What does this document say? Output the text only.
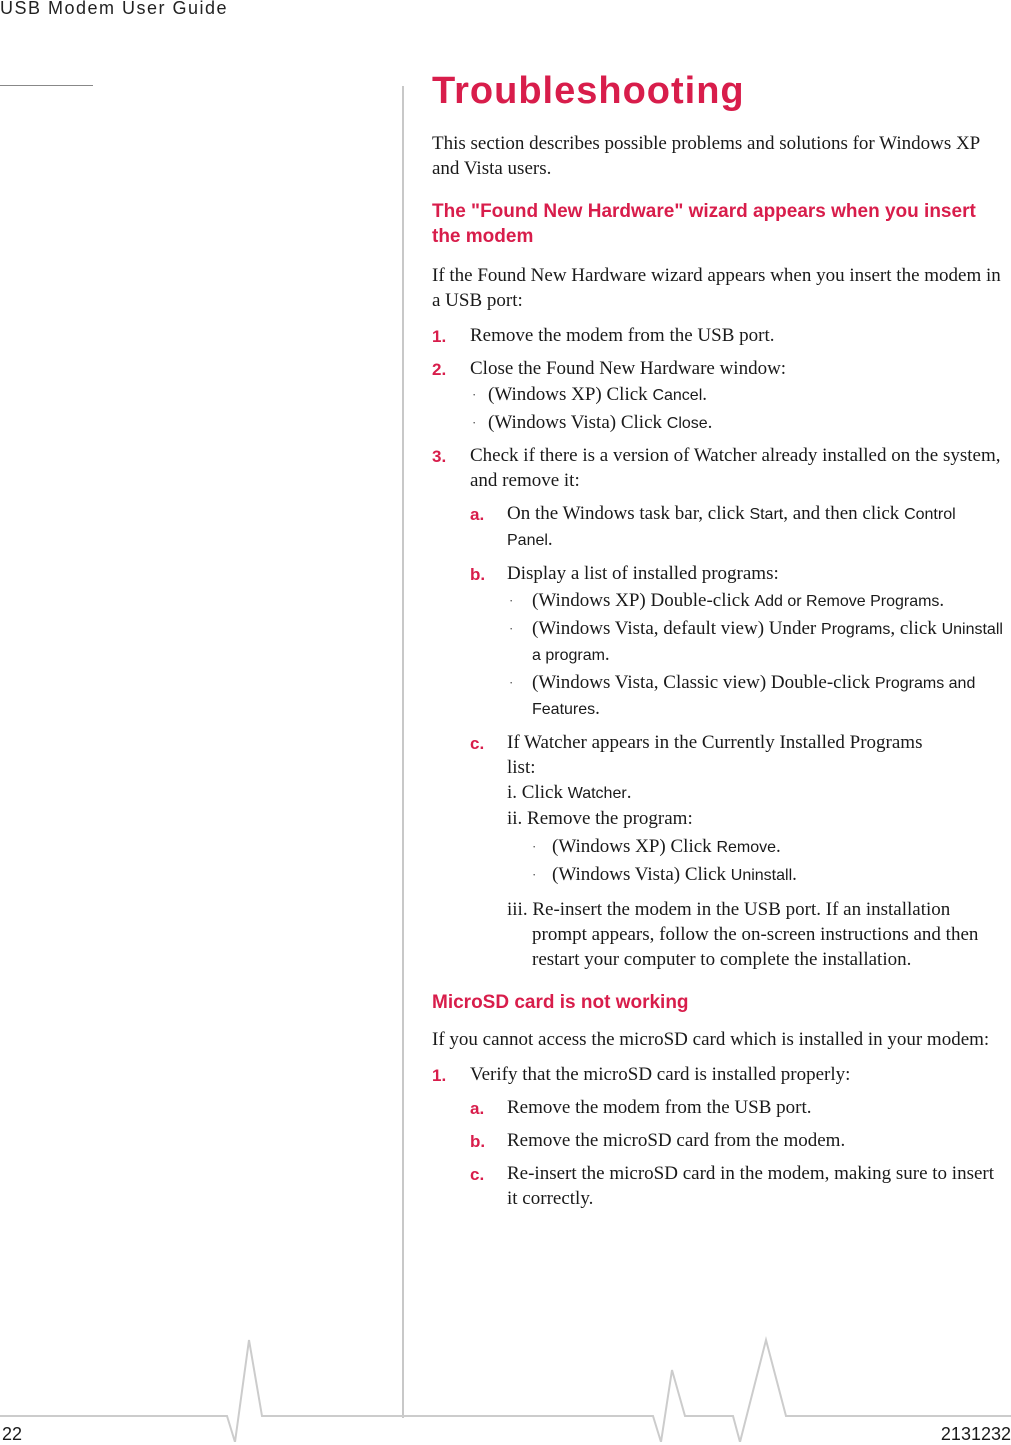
USB Modem User Guide
Troubleshooting

This section describes possible problems and solutions for Windows XP and Vista users.

The "Found New Hardware" wizard appears when you insert the modem

If the Found New Hardware wizard appears when you insert the modem in a USB port:

1. Remove the modem from the USB port.
2. Close the Found New Hardware window:
· (Windows XP) Click Cancel.
· (Windows Vista) Click Close.
3. Check if there is a version of Watcher already installed on the system, and remove it:
a. On the Windows task bar, click Start, and then click Control Panel.
b. Display a list of installed programs:
· (Windows XP) Double-click Add or Remove Programs.
· (Windows Vista, default view) Under Programs, click Uninstall a program.
· (Windows Vista, Classic view) Double-click Programs and Features.
c. If Watcher appears in the Currently Installed Programs list:
i. Click Watcher.
ii. Remove the program:
· (Windows XP) Click Remove.
· (Windows Vista) Click Uninstall.
iii. Re-insert the modem in the USB port. If an installation prompt appears, follow the on-screen instructions and then restart your computer to complete the installation.
MicroSD card is not working

If you cannot access the microSD card which is installed in your modem:

1. Verify that the microSD card is installed properly:
a. Remove the modem from the USB port.
b. Remove the microSD card from the modem.
c. Re-insert the microSD card in the modem, making sure to insert it correctly.
22	2131232
